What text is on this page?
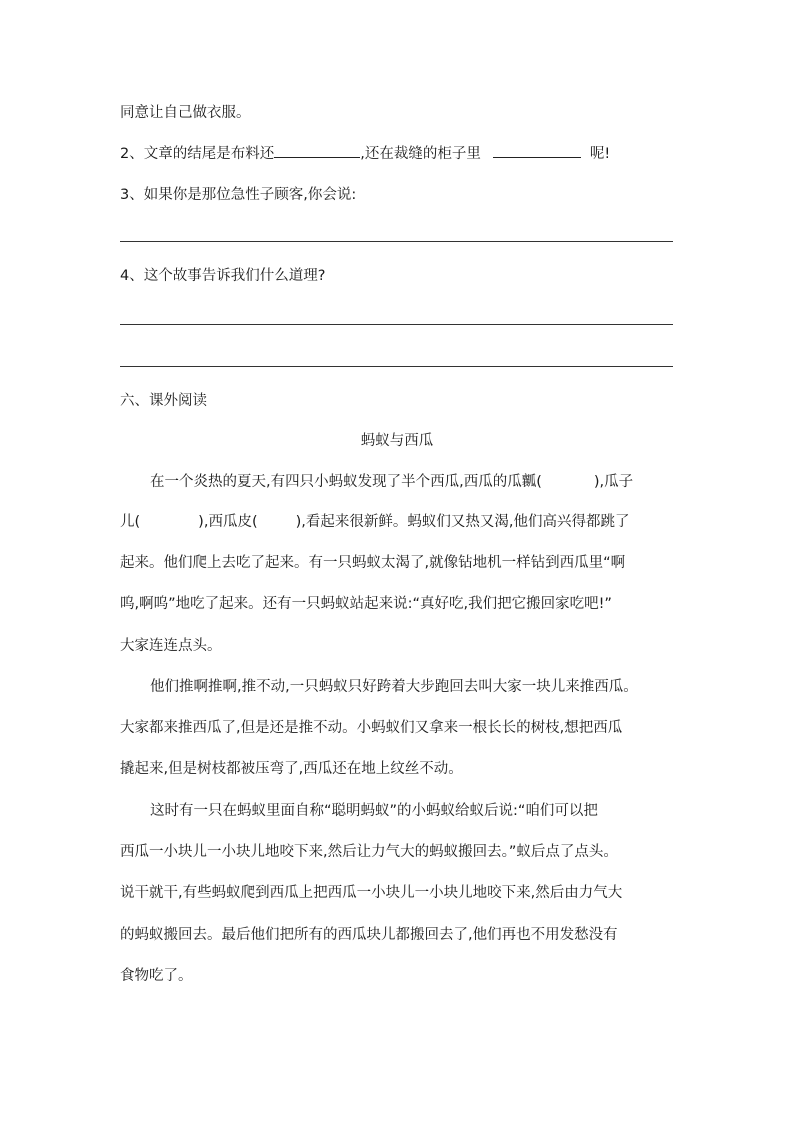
同意让自己做衣服。
2、文章的结尾是布料还	,还在裁缝的柜子里	呢!
3、如果你是那位急性子顾客,你会说:
4、这个故事告诉我们什么道理?
六、课外阅读
蚂蚁与西瓜
在一个炎热的夏天,有四只小蚂蚁发现了半个西瓜,西瓜的瓜瓤(	),瓜子
儿(	),西瓜皮(	),看起来很新鲜。蚂蚁们又热又渴,他们高兴得都跳了
起来。他们爬上去吃了起来。有一只蚂蚁太渴了,就像钻地机一样钻到西瓜里“啊
呜,啊呜”地吃了起来。还有一只蚂蚁站起来说:“真好吃,我们把它搬回家吃吧!”
大家连连点头。
他们推啊推啊,推不动,一只蚂蚁只好跨着大步跑回去叫大家一块儿来推西瓜。
大家都来推西瓜了,但是还是推不动。小蚂蚁们又拿来一根长长的树枝,想把西瓜
撬起来,但是树枝都被压弯了,西瓜还在地上纹丝不动。
这时有一只在蚂蚁里面自称“聪明蚂蚁”的小蚂蚁给蚁后说:“咱们可以把
西瓜一小块儿一小块儿地咬下来,然后让力气大的蚂蚁搬回去。”蚁后点了点头。
说干就干,有些蚂蚁爬到西瓜上把西瓜一小块儿一小块儿地咬下来,然后由力气大
的蚂蚁搬回去。最后他们把所有的西瓜块儿都搬回去了,他们再也不用发愁没有
食物吃了。
